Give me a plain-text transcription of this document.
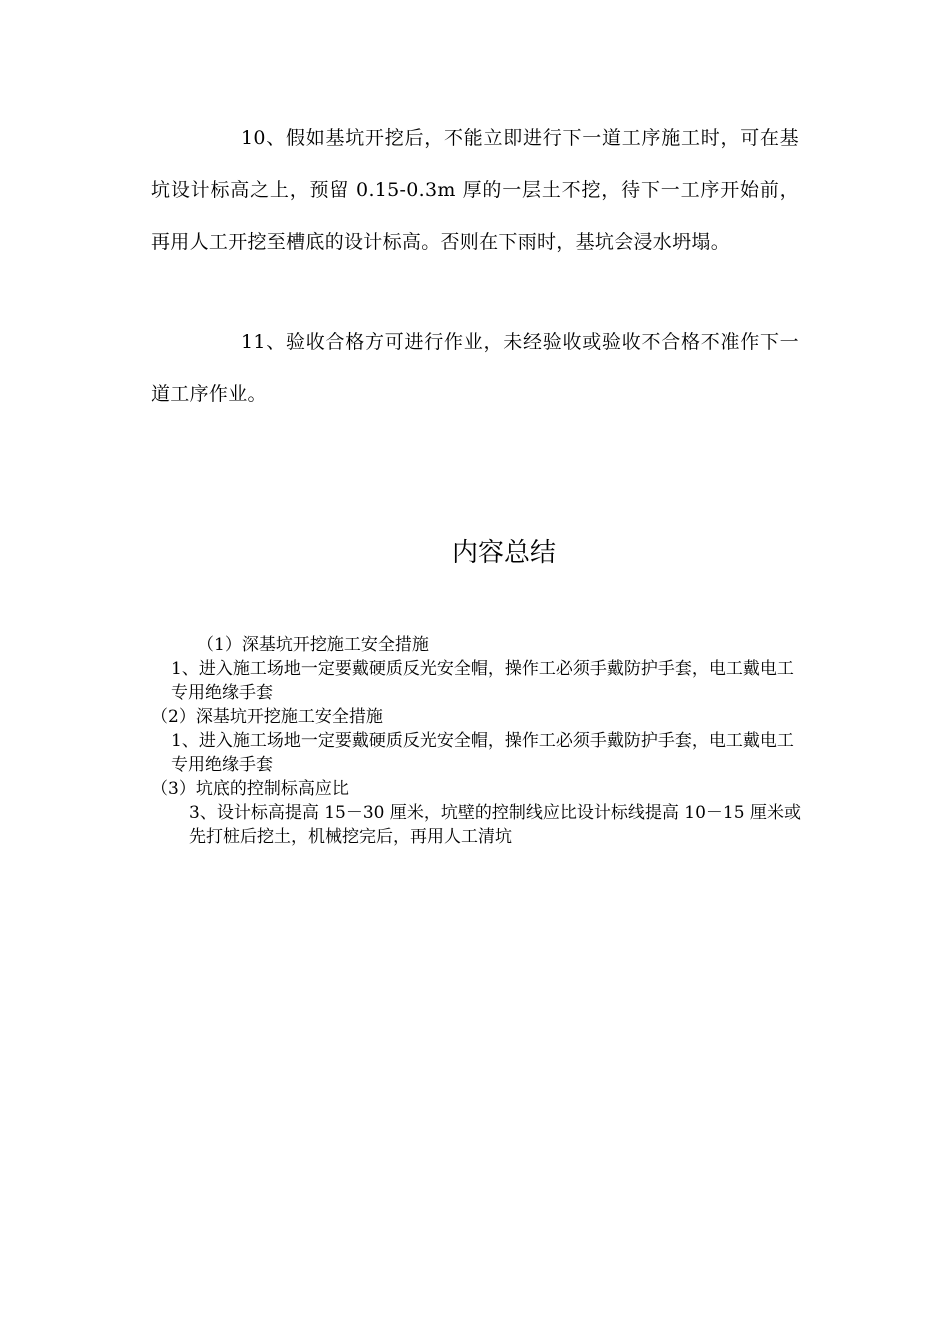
10、假如基坑开挖后，不能立即进行下一道工序施工时，可在基坑设计标高之上，预留 0.15-0.3m 厚的一层土不挖，待下一工序开始前，再用人工开挖至槽底的设计标高。否则在下雨时，基坑会浸水坍塌。

11、验收合格方可进行作业，未经验收或验收不合格不准作下一道工序作业。

内容总结
（1）深基坑开挖施工安全措施
1、进入施工场地一定要戴硬质反光安全帽，操作工必须手戴防护手套，电工戴电工专用绝缘手套
（2）深基坑开挖施工安全措施
1、进入施工场地一定要戴硬质反光安全帽，操作工必须手戴防护手套，电工戴电工专用绝缘手套
（3）坑底的控制标高应比
3、设计标高提高 15－30 厘米，坑壁的控制线应比设计标线提高 10－15 厘米或先打桩后挖土，机械挖完后，再用人工清坑
